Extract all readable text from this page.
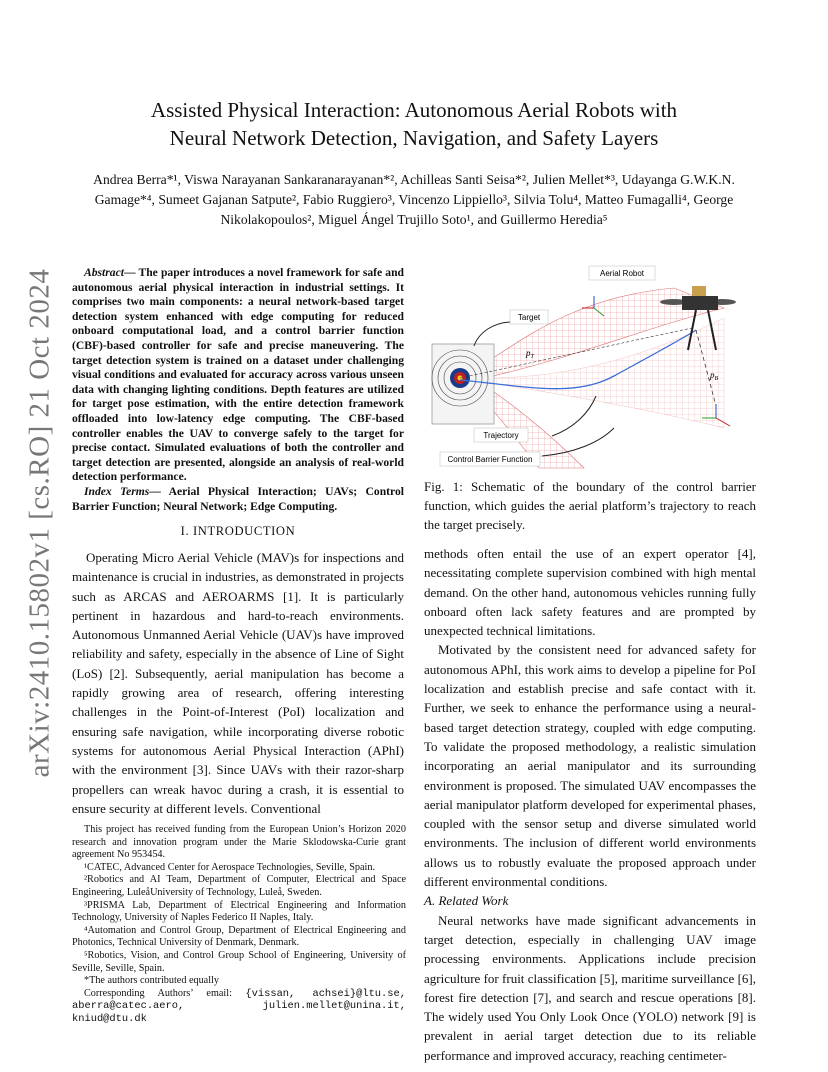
arXiv:2410.15802v1 [cs.RO] 21 Oct 2024
Assisted Physical Interaction: Autonomous Aerial Robots with
Neural Network Detection, Navigation, and Safety Layers
Andrea Berra*¹, Viswa Narayanan Sankaranarayanan*², Achilleas Santi Seisa*², Julien Mellet*³, Udayanga G.W.K.N. Gamage*⁴, Sumeet Gajanan Satpute², Fabio Ruggiero³, Vincenzo Lippiello³, Silvia Tolu⁴, Matteo Fumagalli⁴, George Nikolakopoulos², Miguel Ángel Trujillo Soto¹, and Guillermo Heredia⁵

Abstract— The paper introduces a novel framework for safe and autonomous aerial physical interaction in industrial settings. It comprises two main components: a neural network-based target detection system enhanced with edge computing for reduced onboard computational load, and a control barrier function (CBF)-based controller for safe and precise maneuvering. The target detection system is trained on a dataset under challenging visual conditions and evaluated for accuracy across various unseen data with changing lighting conditions. Depth features are utilized for target pose estimation, with the entire detection framework offloaded into low-latency edge computing. The CBF-based controller enables the UAV to converge safely to the target for precise contact. Simulated evaluations of both the controller and target detection are presented, alongside an analysis of real-world detection performance.

Index Terms— Aerial Physical Interaction; UAVs; Control Barrier Function; Neural Network; Edge Computing.

I. INTRODUCTION

Operating Micro Aerial Vehicle (MAV)s for inspections and maintenance is crucial in industries, as demonstrated in projects such as ARCAS and AEROARMS [1]. It is particularly pertinent in hazardous and hard-to-reach environments. Autonomous Unmanned Aerial Vehicle (UAV)s have improved reliability and safety, especially in the absence of Line of Sight (LoS) [2]. Subsequently, aerial manipulation has become a rapidly growing area of research, offering interesting challenges in the Point-of-Interest (PoI) localization and ensuring safe navigation, while incorporating diverse robotic systems for autonomous Aerial Physical Interaction (APhI) with the environment [3]. Since UAVs with their razor-sharp propellers can wreak havoc during a crash, it is essential to ensure security at different levels. Conventional

This project has received funding from the European Union’s Horizon 2020 research and innovation program under the Marie Sklodowska-Curie grant agreement No 953454.

¹CATEC, Advanced Center for Aerospace Technologies, Seville, Spain.

²Robotics and AI Team, Department of Computer, Electrical and Space Engineering, LuleåUniversity of Technology, Luleå, Sweden.

³PRISMA Lab, Department of Electrical Engineering and Information Technology, University of Naples Federico II Naples, Italy.

⁴Automation and Control Group, Department of Electrical Engineering and Photonics, Technical University of Denmark, Denmark.

⁵Robotics, Vision, and Control Group School of Engineering, University of Seville, Seville, Spain.

*The authors contributed equally

Corresponding Authors’ email: {vissan, achsei}@ltu.se, aberra@catec.aero, julien.mellet@unina.it, kniud@dtu.dk

Aerial Robot
Target
Trajectory
Control Barrier Function
$p_T$
$p_B$
Fig. 1: Schematic of the boundary of the control barrier function, which guides the aerial platform’s trajectory to reach the target precisely.

methods often entail the use of an expert operator [4], necessitating complete supervision combined with high mental demand. On the other hand, autonomous vehicles running fully onboard often lack safety features and are prompted by unexpected technical limitations.

Motivated by the consistent need for advanced safety for autonomous APhI, this work aims to develop a pipeline for PoI localization and establish precise and safe contact with it. Further, we seek to enhance the performance using a neural-based target detection strategy, coupled with edge computing. To validate the proposed methodology, a realistic simulation incorporating an aerial manipulator and its surrounding environment is proposed. The simulated UAV encompasses the aerial manipulator platform developed for experimental phases, coupled with the sensor setup and diverse simulated world environments. The inclusion of different world environments allows us to robustly evaluate the proposed approach under different environmental conditions.

A. Related Work

Neural networks have made significant advancements in target detection, especially in challenging UAV image processing environments. Applications include precision agriculture for fruit classification [5], maritime surveillance [6], forest fire detection [7], and search and rescue operations [8]. The widely used You Only Look Once (YOLO) network [9] is prevalent in aerial target detection due to its reliable performance and improved accuracy, reaching centimeter-
